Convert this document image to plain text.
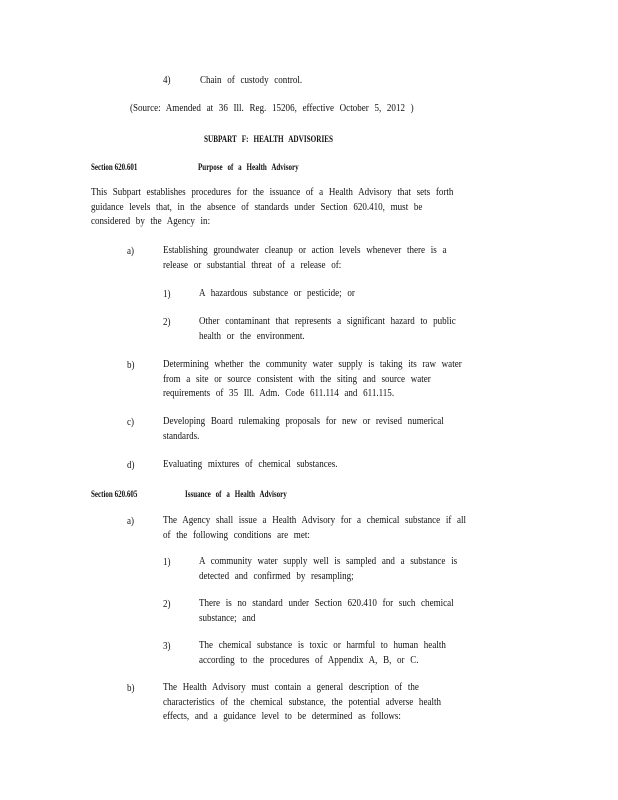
4)	Chain of custody control.
(Source: Amended at 36 Ill. Reg. 15206, effective October 5, 2012 )
SUBPART F: HEALTH ADVISORIES
Section 620.601	Purpose of a Health Advisory
This Subpart establishes procedures for the issuance of a Health Advisory that sets forth
guidance levels that, in the absence of standards under Section 620.410, must be
considered by the Agency in:
a)	Establishing groundwater cleanup or action levels whenever there is a
release or substantial threat of a release of:
1)	A hazardous substance or pesticide; or
2)	Other contaminant that represents a significant hazard to public
health or the environment.
b)	Determining whether the community water supply is taking its raw water
from a site or source consistent with the siting and source water
requirements of 35 Ill. Adm. Code 611.114 and 611.115.
c)	Developing Board rulemaking proposals for new or revised numerical
standards.
d)	Evaluating mixtures of chemical substances.
Section 620.605	Issuance of a Health Advisory
a)	The Agency shall issue a Health Advisory for a chemical substance if all
of the following conditions are met:
1)	A community water supply well is sampled and a substance is
detected and confirmed by resampling;
2)	There is no standard under Section 620.410 for such chemical
substance; and
3)	The chemical substance is toxic or harmful to human health
according to the procedures of Appendix A, B, or C.
b)	The Health Advisory must contain a general description of the
characteristics of the chemical substance, the potential adverse health
effects, and a guidance level to be determined as follows:
